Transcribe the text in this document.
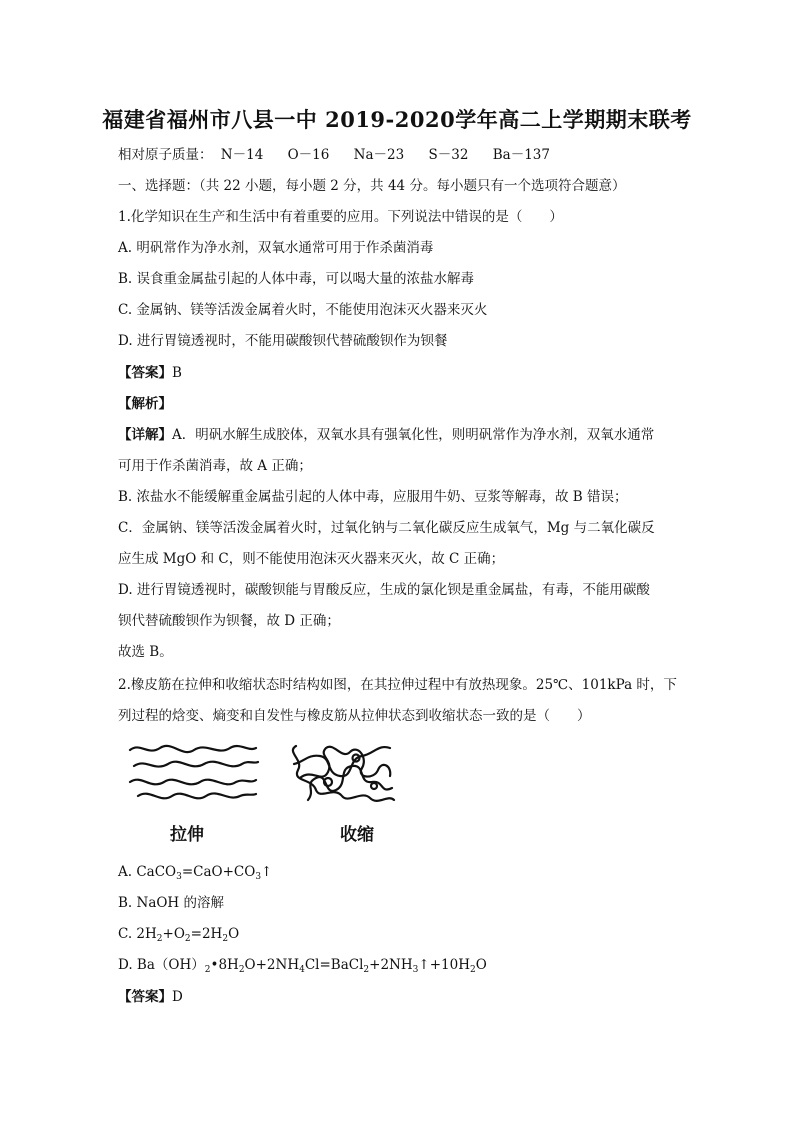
福建省福州市八县一中 2019-2020学年高二上学期期末联考
相对原子质量： N－14 O－16 Na－23 S－32 Ba－137
一、选择题：（共 22 小题，每小题 2 分，共 44 分。每小题只有一个选项符合题意）
1.化学知识在生产和生活中有着重要的应用。下列说法中错误的是（　　）
A. 明矾常作为净水剂，双氧水通常可用于作杀菌消毒
B. 误食重金属盐引起的人体中毒，可以喝大量的浓盐水解毒
C. 金属钠、镁等活泼金属着火时，不能使用泡沫灭火器来灭火
D. 进行胃镜透视时，不能用碳酸钡代替硫酸钡作为钡餐
【答案】B
【解析】
【详解】A．明矾水解生成胶体，双氧水具有强氧化性，则明矾常作为净水剂，双氧水通常
可用于作杀菌消毒，故 A 正确；
B. 浓盐水不能缓解重金属盐引起的人体中毒，应服用牛奶、豆浆等解毒，故 B 错误；
C．金属钠、镁等活泼金属着火时，过氧化钠与二氧化碳反应生成氧气，Mg 与二氧化碳反
应生成 MgO 和 C，则不能使用泡沫灭火器来灭火，故 C 正确；
D. 进行胃镜透视时，碳酸钡能与胃酸反应，生成的氯化钡是重金属盐，有毒，不能用碳酸
钡代替硫酸钡作为钡餐，故 D 正确；
故选 B。
2.橡皮筋在拉伸和收缩状态时结构如图，在其拉伸过程中有放热现象。25℃、101kPa 时，下
列过程的焓变、熵变和自发性与橡皮筋从拉伸状态到收缩状态一致的是（　　）
拉伸	收缩
A. $CaCO_3=CaO+CO_3↑$
B. NaOH 的溶解
C. $2H_2+O_2=2H_2O$
D. $Ba(OH)_2•8H_2O+2NH_4Cl=BaCl_2+2NH_3↑+10H_2O$
【答案】D
